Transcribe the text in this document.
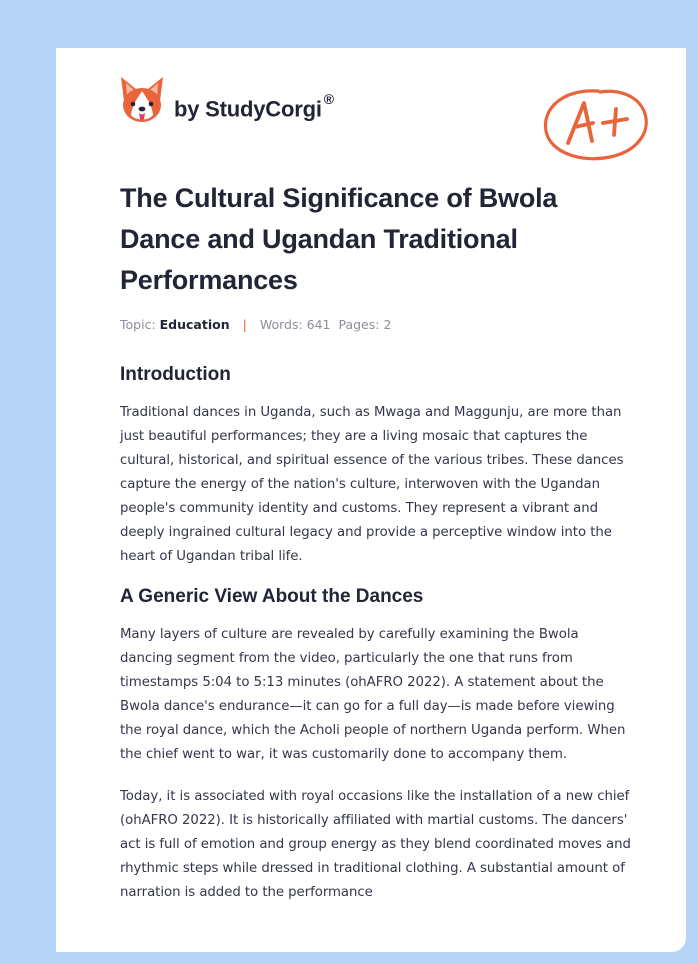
by StudyCorgi ®
The Cultural Significance of Bwola Dance and Ugandan Traditional Performances
Topic: Education | Words: 641 Pages: 2
Introduction

Traditional dances in Uganda, such as Mwaga and Maggunju, are more than just beautiful performances; they are a living mosaic that captures the cultural, historical, and spiritual essence of the various tribes. These dances capture the energy of the nation's culture, interwoven with the Ugandan people's community identity and customs. They represent a vibrant and deeply ingrained cultural legacy and provide a perceptive window into the heart of Ugandan tribal life.

A Generic View About the Dances

Many layers of culture are revealed by carefully examining the Bwola dancing segment from the video, particularly the one that runs from timestamps 5:04 to 5:13 minutes (ohAFRO 2022). A statement about the Bwola dance's endurance—it can go for a full day—is made before viewing the royal dance, which the Acholi people of northern Uganda perform. When the chief went to war, it was customarily done to accompany them.

Today, it is associated with royal occasions like the installation of a new chief (ohAFRO 2022). It is historically affiliated with martial customs. The dancers' act is full of emotion and group energy as they blend coordinated moves and rhythmic steps while dressed in traditional clothing. A substantial amount of narration is added to the performance
